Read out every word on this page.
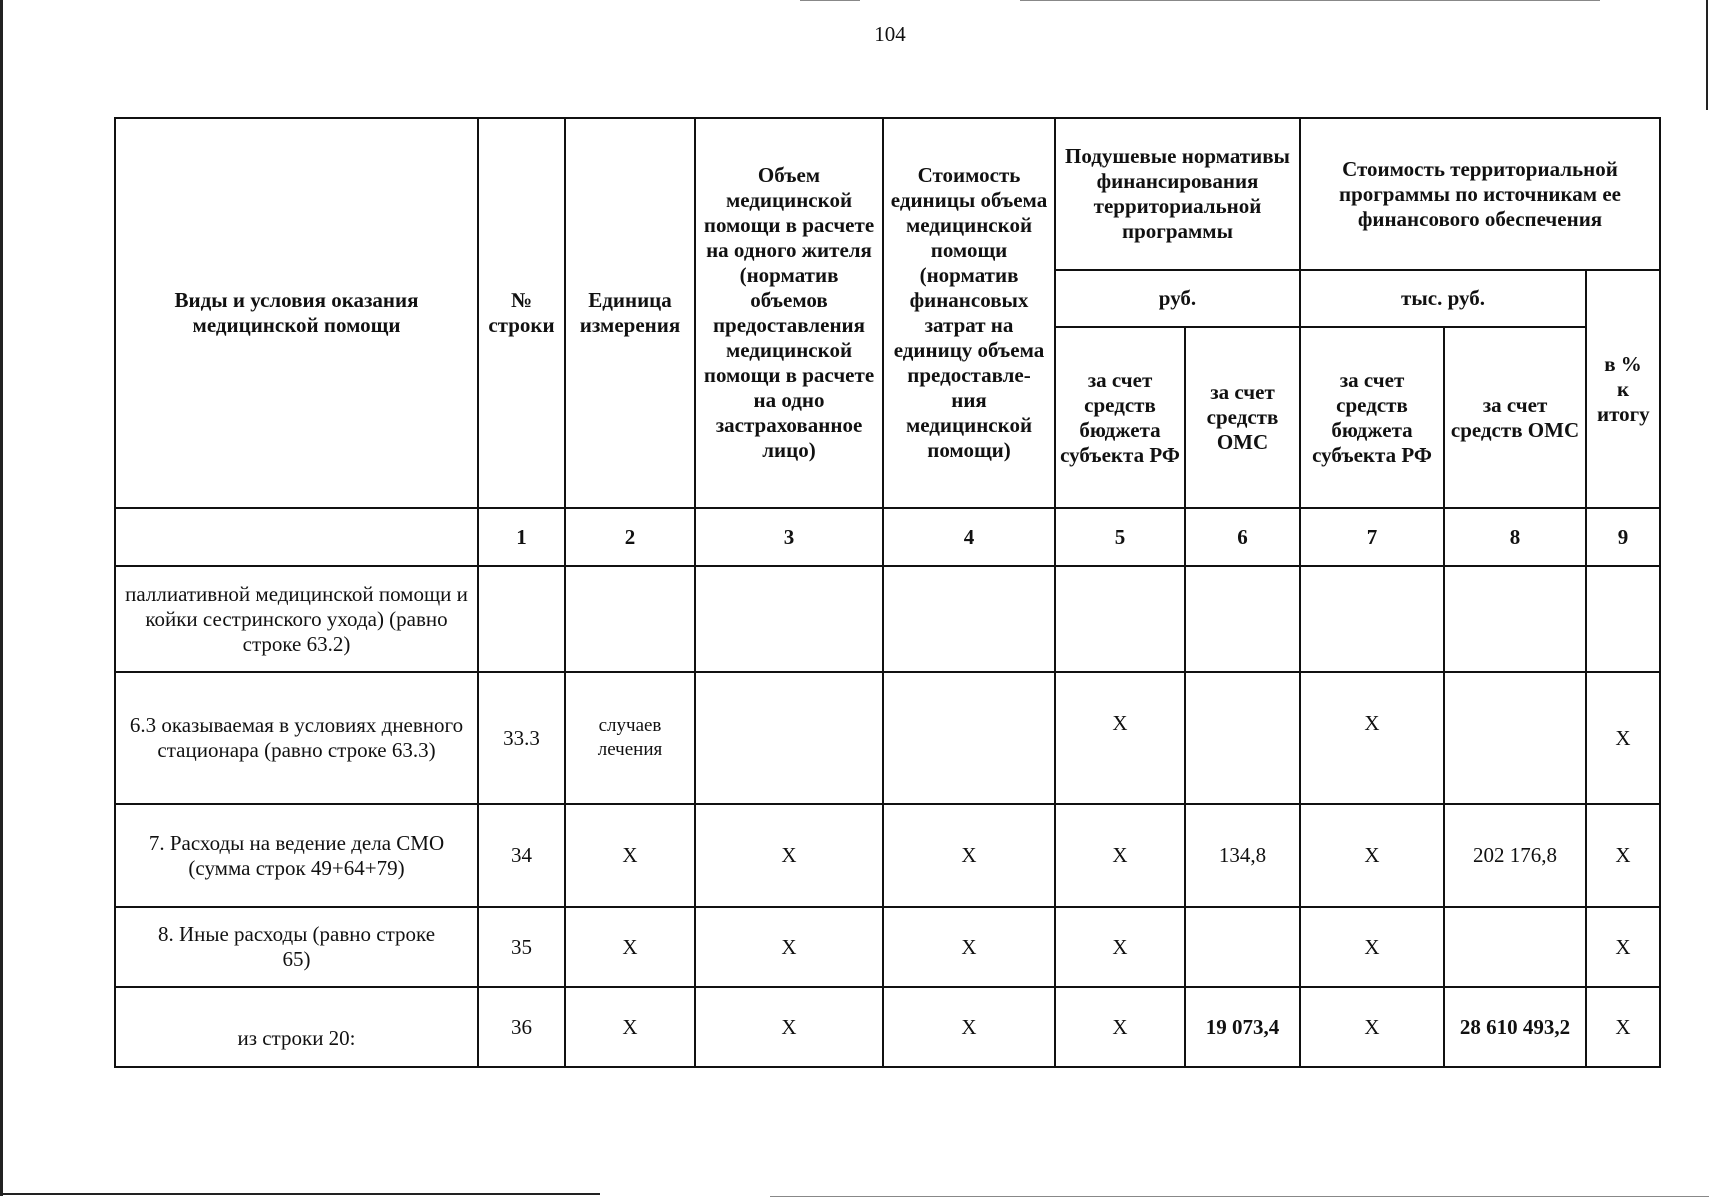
104
Виды и условия оказания медицинской помощи	№ строки	Единица измерения	Объем медицинской помощи в расчете на одного жителя (норматив объемов предоставления медицинской помощи в расчете на одно застрахованное лицо)	Стоимость единицы объема медицинской помощи (норматив финансовых затрат на единицу объема предоставле- ния медицинской помощи)	Подушевые нормативы финансирования территориальной программы		Стоимость территориальной программы по источникам ее финансового обеспечения		
					руб.		тыс. руб.		в % к итогу
					за счет средств бюджета субъекта РФ	за счет средств ОМС	за счет средств бюджета субъекта РФ	за счет средств ОМС	
	1	2	3	4	5	6	7	8	9
паллиативной медицинской помощи и койки сестринского ухода) (равно строке 63.2)									
6.3 оказываемая в условиях дневного стационара (равно строке 63.3)	33.3	случаев лечения			Х		Х		Х
7. Расходы на ведение дела СМО (сумма строк 49+64+79)	34	Х	Х	Х	Х	134,8	Х	202 176,8	Х
8. Иные расходы (равно строке 65)	35	Х	Х	Х	Х		Х		Х
из строки 20:	36	Х	Х	Х	Х	19 073,4	Х	28 610 493,2	Х
